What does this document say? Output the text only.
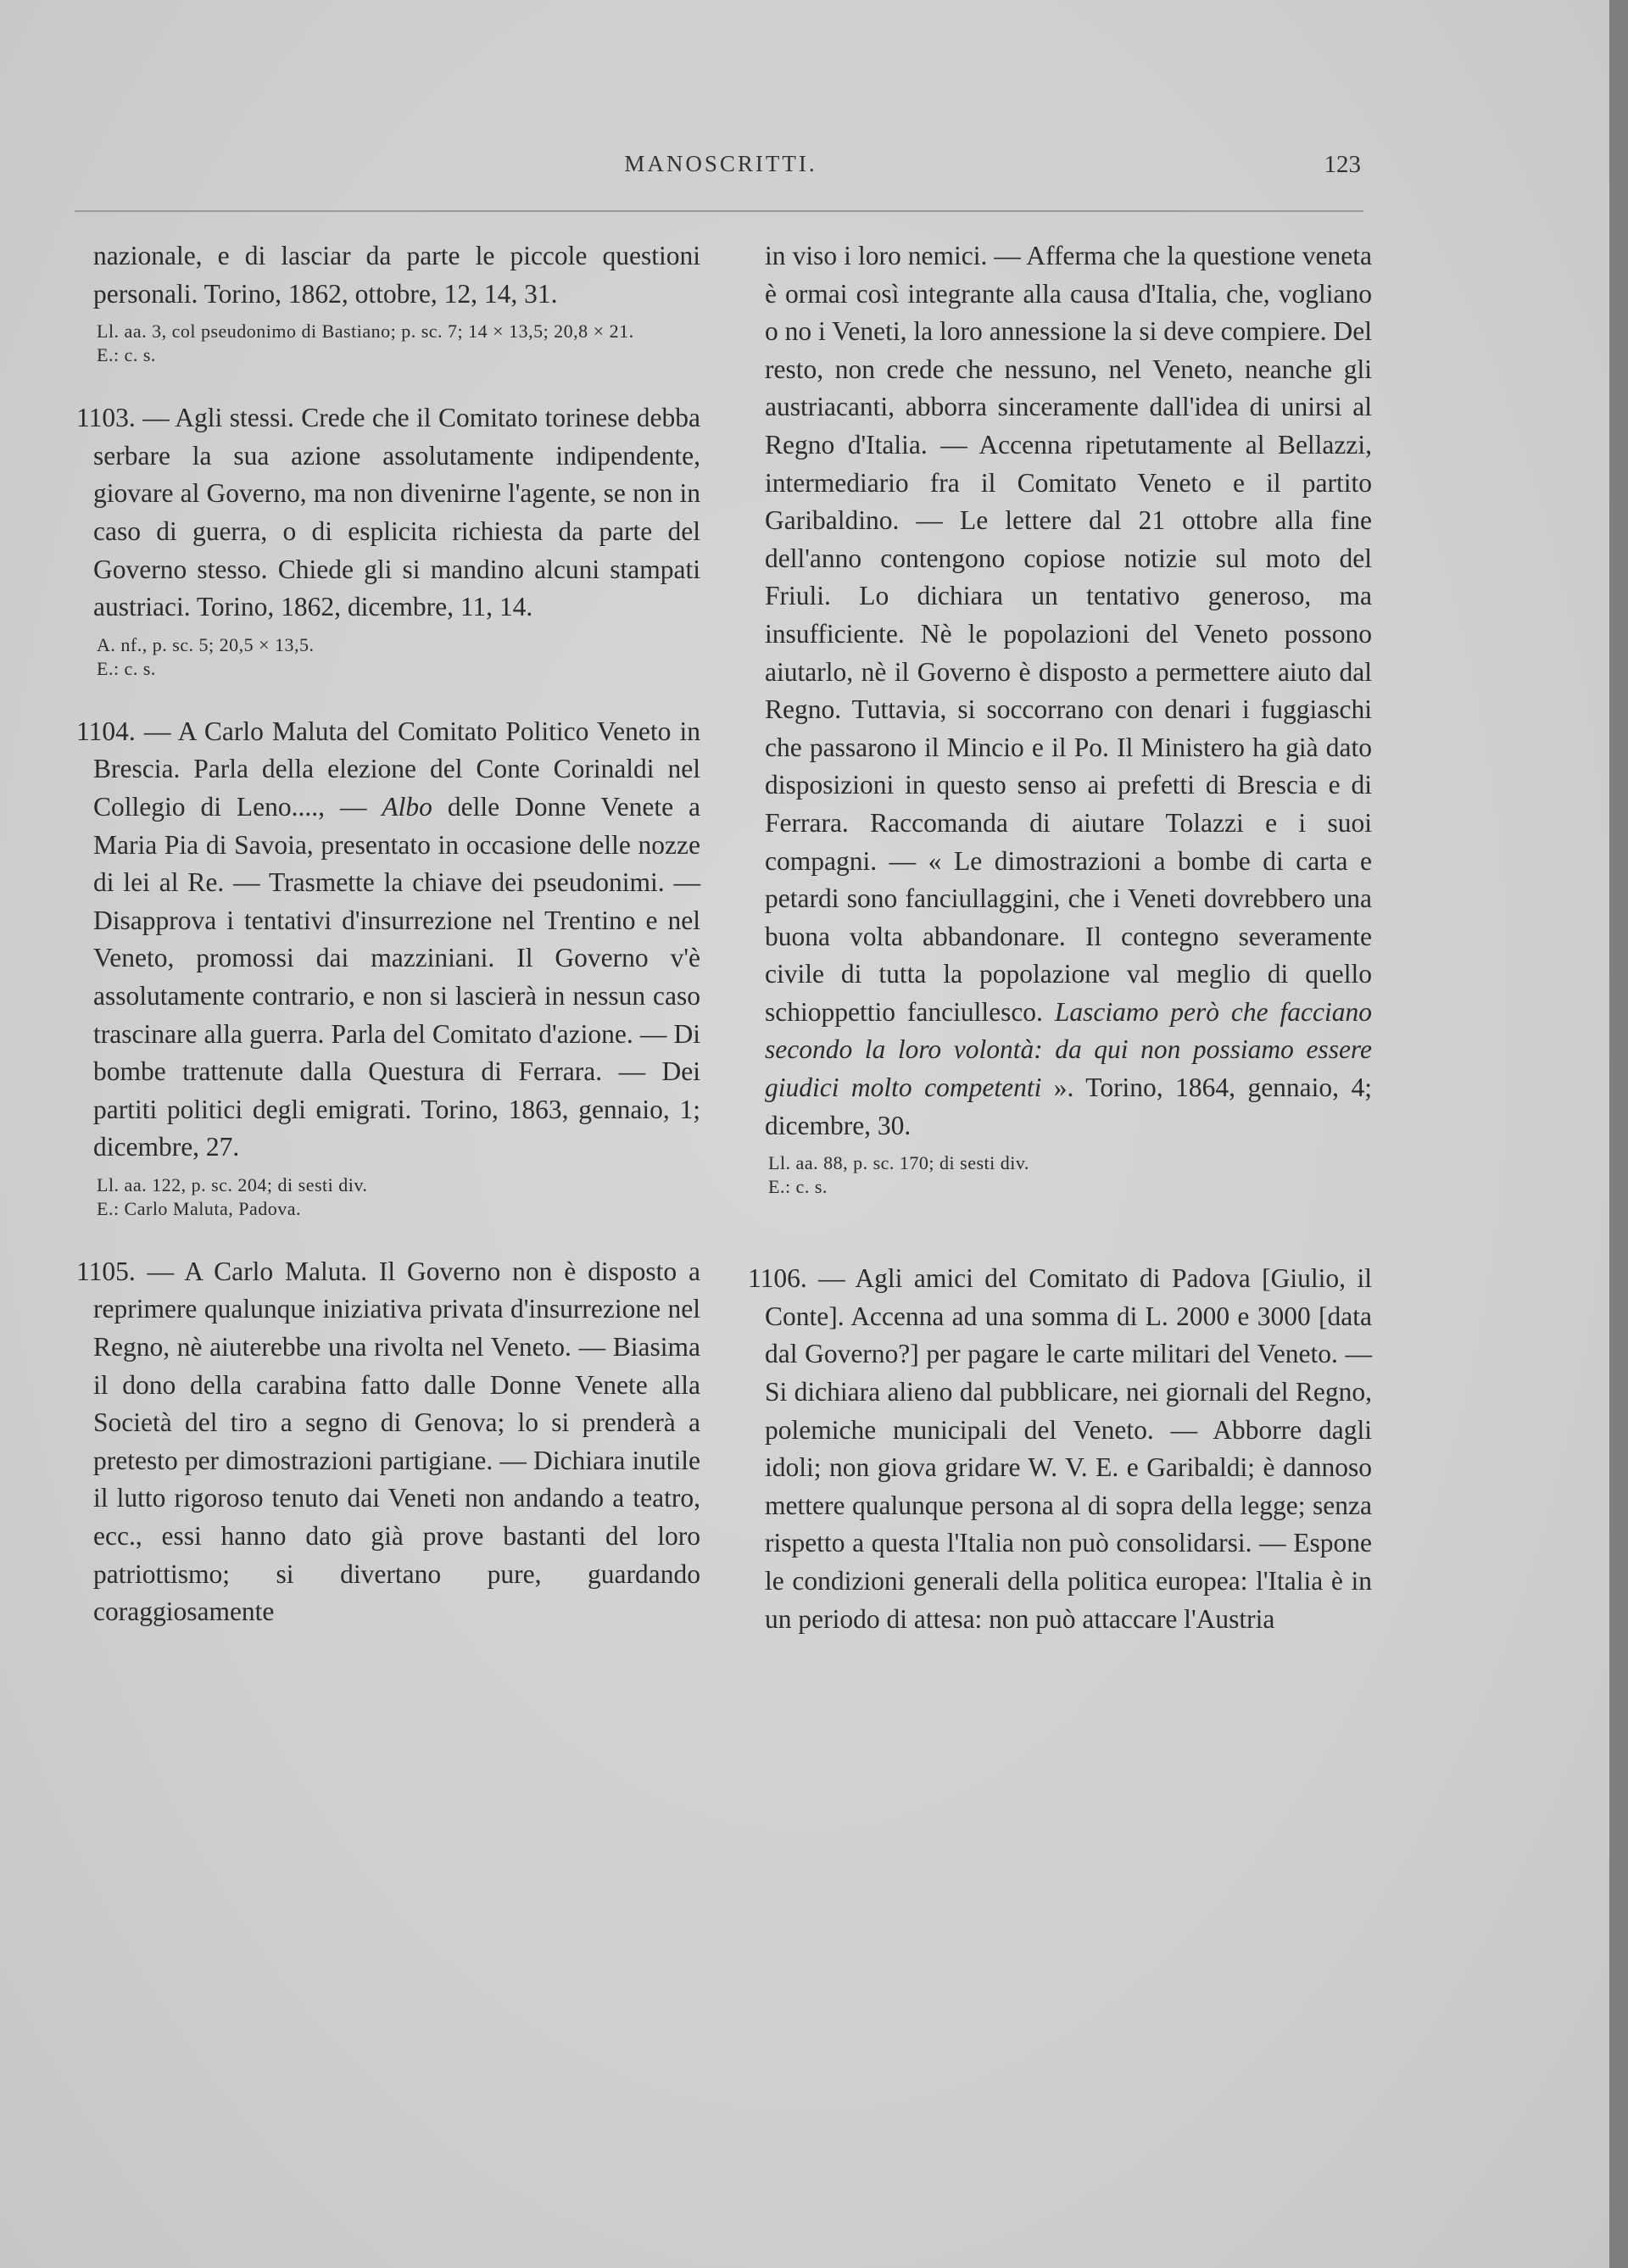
MANOSCRITTI.	123

nazionale, e di lasciar da parte le piccole questioni personali. Torino, 1862, ottobre, 12, 14, 31.

Ll. aa. 3, col pseudonimo di Bastiano; p. sc. 7; 14 × 13,5; 20,8 × 21.
E.: c. s.

1103. — Agli stessi. Crede che il Comitato torinese debba serbare la sua azione assolutamente indipendente, giovare al Governo, ma non divenirne l'agente, se non in caso di guerra, o di esplicita richiesta da parte del Governo stesso. Chiede gli si mandino alcuni stampati austriaci. Torino, 1862, dicembre, 11, 14.

A. nf., p. sc. 5; 20,5 × 13,5.
E.: c. s.

1104. — A Carlo Maluta del Comitato Politico Veneto in Brescia. Parla della elezione del Conte Corinaldi nel Collegio di Leno...., — Albo delle Donne Venete a Maria Pia di Savoia, presentato in occasione delle nozze di lei al Re. — Trasmette la chiave dei pseudonimi. — Disapprova i tentativi d'insurrezione nel Trentino e nel Veneto, promossi dai mazziniani. Il Governo v'è assolutamente contrario, e non si lascierà in nessun caso trascinare alla guerra. Parla del Comitato d'azione. — Di bombe trattenute dalla Questura di Ferrara. — Dei partiti politici degli emigrati. Torino, 1863, gennaio, 1; dicembre, 27.

Ll. aa. 122, p. sc. 204; di sesti div.
E.: Carlo Maluta, Padova.

1105. — A Carlo Maluta. Il Governo non è disposto a reprimere qualunque iniziativa privata d'insurrezione nel Regno, nè aiuterebbe una rivolta nel Veneto. — Biasima il dono della carabina fatto dalle Donne Venete alla Società del tiro a segno di Genova; lo si prenderà a pretesto per dimostrazioni partigiane. — Dichiara inutile il lutto rigoroso tenuto dai Veneti non andando a teatro, ecc., essi hanno dato già prove bastanti del loro patriottismo; si divertano pure, guardando coraggiosamente

in viso i loro nemici. — Afferma che la questione veneta è ormai così integrante alla causa d'Italia, che, vogliano o no i Veneti, la loro annessione la si deve compiere. Del resto, non crede che nessuno, nel Veneto, neanche gli austriacanti, abborra sinceramente dall'idea di unirsi al Regno d'Italia. — Accenna ripetutamente al Bellazzi, intermediario fra il Comitato Veneto e il partito Garibaldino. — Le lettere dal 21 ottobre alla fine dell'anno contengono copiose notizie sul moto del Friuli. Lo dichiara un tentativo generoso, ma insufficiente. Nè le popolazioni del Veneto possono aiutarlo, nè il Governo è disposto a permettere aiuto dal Regno. Tuttavia, si soccorrano con denari i fuggiaschi che passarono il Mincio e il Po. Il Ministero ha già dato disposizioni in questo senso ai prefetti di Brescia e di Ferrara. Raccomanda di aiutare Tolazzi e i suoi compagni. — « Le dimostrazioni a bombe di carta e petardi sono fanciullaggini, che i Veneti dovrebbero una buona volta abbandonare. Il contegno severamente civile di tutta la popolazione val meglio di quello schioppettio fanciullesco. Lasciamo però che facciano secondo la loro volontà: da qui non possiamo essere giudici molto competenti ». Torino, 1864, gennaio, 4; dicembre, 30.

Ll. aa. 88, p. sc. 170; di sesti div.
E.: c. s.

1106. — Agli amici del Comitato di Padova [Giulio, il Conte]. Accenna ad una somma di L. 2000 e 3000 [data dal Governo?] per pagare le carte militari del Veneto. — Si dichiara alieno dal pubblicare, nei giornali del Regno, polemiche municipali del Veneto. — Abborre dagli idoli; non giova gridare W. V. E. e Garibaldi; è dannoso mettere qualunque persona al di sopra della legge; senza rispetto a questa l'Italia non può consolidarsi. — Espone le condizioni generali della politica europea: l'Italia è in un periodo di attesa: non può attaccare l'Austria
